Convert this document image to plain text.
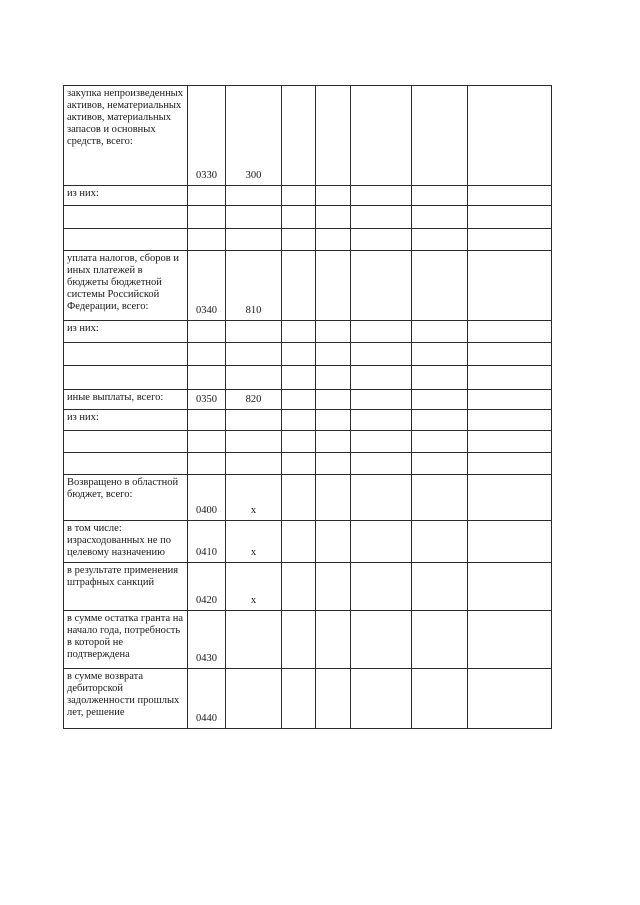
закупка непроизведенных активов, нематериальных активов, материальных запасов и основных средств, всего:	0330	300					
из них:							

уплата налогов, сборов и иных платежей в бюджеты бюджетной системы Российской Федерации, всего:	0340	810					
из них:							

иные выплаты, всего:	0350	820					
из них:							

Возвращено в областной бюджет, всего:	0400	x					
в том числе: израсходованных не по целевому назначению	0410	x					
в результате применения штрафных санкций	0420	x					
в сумме остатка гранта на начало года, потребность в которой не подтверждена	0430						
в сумме возврата дебиторской задолженности прошлых лет, решение	0440						
